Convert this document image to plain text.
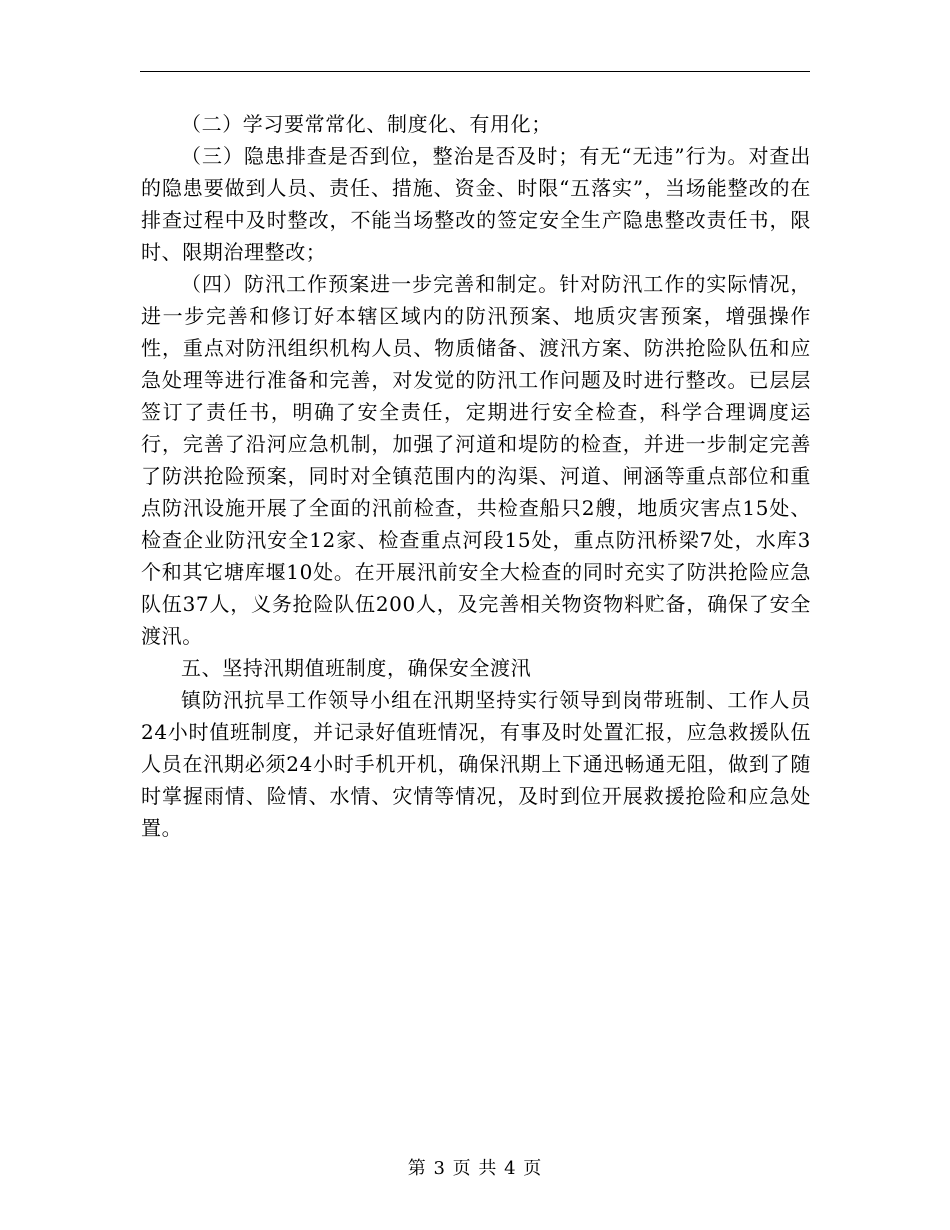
（二）学习要常常化、制度化、有用化；

（三）隐患排查是否到位，整治是否及时；有无“无违”行为。对查出的隐患要做到人员、责任、措施、资金、时限“五落实”，当场能整改的在排查过程中及时整改，不能当场整改的签定安全生产隐患整改责任书，限时、限期治理整改；

（四）防汛工作预案进一步完善和制定。针对防汛工作的实际情况，进一步完善和修订好本辖区域内的防汛预案、地质灾害预案，增强操作性，重点对防汛组织机构人员、物质储备、渡汛方案、防洪抢险队伍和应急处理等进行准备和完善，对发觉的防汛工作问题及时进行整改。已层层签订了责任书，明确了安全责任，定期进行安全检查，科学合理调度运行，完善了沿河应急机制，加强了河道和堤防的检查，并进一步制定完善了防洪抢险预案，同时对全镇范围内的沟渠、河道、闸涵等重点部位和重点防汛设施开展了全面的汛前检查，共检查船只2艘，地质灾害点15处、检查企业防汛安全12家、检查重点河段15处，重点防汛桥梁7处，水库3个和其它塘库堰10处。在开展汛前安全大检查的同时充实了防洪抢险应急队伍37人，义务抢险队伍200人，及完善相关物资物料贮备，确保了安全渡汛。

五、坚持汛期值班制度，确保安全渡汛

镇防汛抗旱工作领导小组在汛期坚持实行领导到岗带班制、工作人员24小时值班制度，并记录好值班情况，有事及时处置汇报，应急救援队伍人员在汛期必须24小时手机开机，确保汛期上下通迅畅通无阻，做到了随时掌握雨情、险情、水情、灾情等情况，及时到位开展救援抢险和应急处置。

第 3 页 共 4 页
